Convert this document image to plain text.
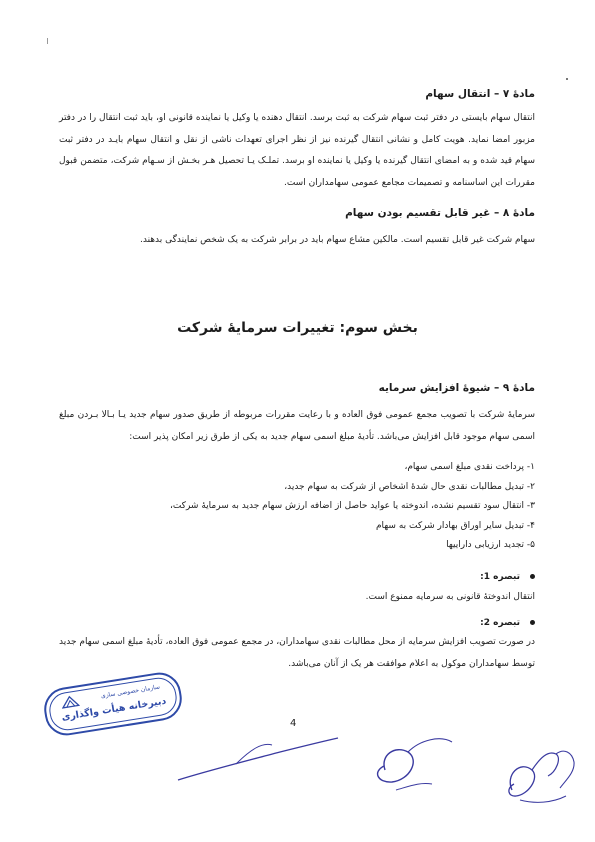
مادهٔ ۷ – انتقال سهام
انتقال سهام بایستی در دفتر ثبت سهام شرکت به ثبت برسد. انتقال دهنده یا وکیل یا نماینده قانونی او، باید ثبت انتقال را در دفتر مزبور امضا نماید. هویت کامل و نشانی انتقال گیرنده نیز از نظر اجرای تعهدات ناشی از نقل و انتقال سهام بایـد در دفتر ثبت سهام قید شده و به امضای انتقال گیرنده یا وکیل یا نماینده او برسد. تملـک یـا تحصیل هـر بخـش از سـهام شرکت، متضمن قبول مقررات این اساسنامه و تصمیمات مجامع عمومی سهامداران است.
مادهٔ ۸ – غیر قابل تقسیم بودن سهام
سهام شرکت غیر قابل تقسیم است. مالکین مشاع سهام باید در برابر شرکت به یک شخص نمایندگی بدهند.
بخش سوم: تغییرات سرمایهٔ شرکت
مادهٔ ۹ – شیوهٔ افزایش سرمایه
سرمایهٔ شرکت با تصویب مجمع عمومی فوق العاده و با رعایت مقررات مربوطه از طریق صدور سهام جدید یـا بـالا بـردن مبلغ اسمی سهام موجود قابل افزایش می‌باشد. تأدیهٔ مبلغ اسمی سهام جدید به یکی از طرق زیر امکان پذیر است:
۱- پرداخت نقدی مبلغ اسمی سهام،
۲- تبدیل مطالبات نقدی حال شدهٔ اشخاص از شرکت به سهام جدید،
۳- انتقال سود تقسیم نشده، اندوخته یا عواید حاصل از اضافه ارزش سهام جدید به سرمایهٔ شرکت،
۴- تبدیل سایر اوراق بهادار شرکت به سهام
۵- تجدید ارزیابی داراییها
تبصره 1:
انتقال اندوختهٔ قانونی به سرمایه ممنوع است.
تبصره 2:
در صورت تصویب افزایش سرمایه از محل مطالبات نقدی سهامداران، در مجمع عمومی فوق العاده، تأدیهٔ مبلغ اسمی سهام جدید توسط سهامداران موکول به اعلام موافقت هر یک از آنان می‌باشد.
4
سازمان خصوصی سازی
دبیرخانه هیأت واگذاری
